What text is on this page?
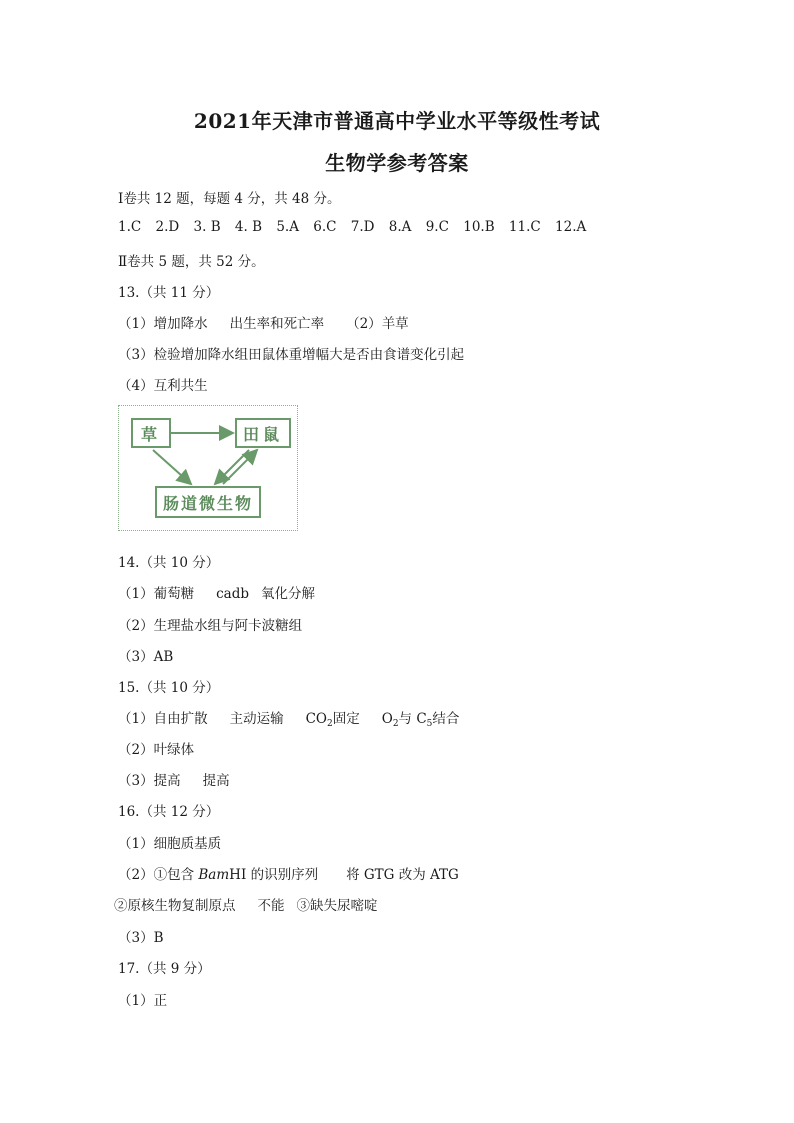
2021年天津市普通高中学业水平等级性考试
生物学参考答案
Ⅰ卷共 12 题，每题 4 分，共 48 分。
1.C 2.D 3. B 4. B 5.A 6.C 7.D 8.A 9.C 10.B 11.C 12.A
Ⅱ卷共 5 题，共 52 分。
13.（共 11 分）
（1）增加降水 出生率和死亡率 （2）羊草
（3）检验增加降水组田鼠体重增幅大是否由食谱变化引起
（4）互利共生
草	田鼠
肠道微生物
14.（共 10 分）
（1）葡萄糖 cadb 氧化分解
（2）生理盐水组与阿卡波糖组
（3）AB
15.（共 10 分）
（1）自由扩散 主动运输 $CO_2$固定 $O_2$与 $C_5$结合
（2）叶绿体
（3）提高 提高
16.（共 12 分）
（1）细胞质基质
（2）①包含 BamHI 的识别序列 将 GTG 改为 ATG
②原核生物复制原点 不能 ③缺失尿嘧啶
（3）B
17.（共 9 分）
（1）正
